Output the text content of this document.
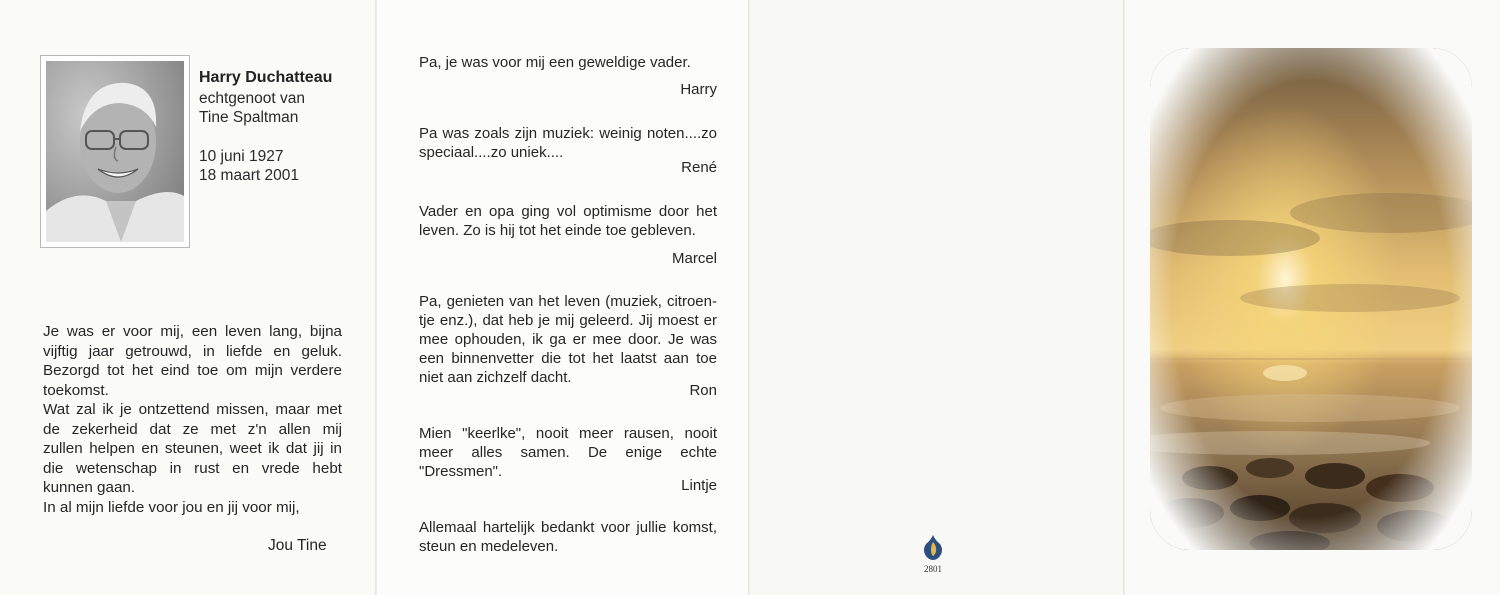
Harry Duchatteau
echtgenoot van
Tine Spaltman
10 juni 1927
18 maart 2001
Je was er voor mij, een leven lang, bijna
vijftig jaar getrouwd, in liefde en geluk.
Bezorgd tot het eind toe om mijn verdere
toekomst.
Wat zal ik je ontzettend missen, maar met
de zekerheid dat ze met z'n allen mij
zullen helpen en steunen, weet ik dat jij in
die wetenschap in rust en vrede hebt
kunnen gaan.
In al mijn liefde voor jou en jij voor mij,
Jou Tine
Pa, je was voor mij een geweldige vader.
Harry
Pa was zoals zijn muziek: weinig noten....zo
speciaal....zo uniek....
René
Vader en opa ging vol optimisme door het
leven. Zo is hij tot het einde toe gebleven.
Marcel
Pa, genieten van het leven (muziek, citroen-
tje enz.), dat heb je mij geleerd. Jij moest er
mee ophouden, ik ga er mee door. Je was
een binnenvetter die tot het laatst aan toe
niet aan zichzelf dacht.
Ron
Mien "keerlke", nooit meer rausen, nooit
meer alles samen. De enige echte
"Dressmen".
Lintje
Allemaal hartelijk bedankt voor jullie komst,
steun en medeleven.
2801
